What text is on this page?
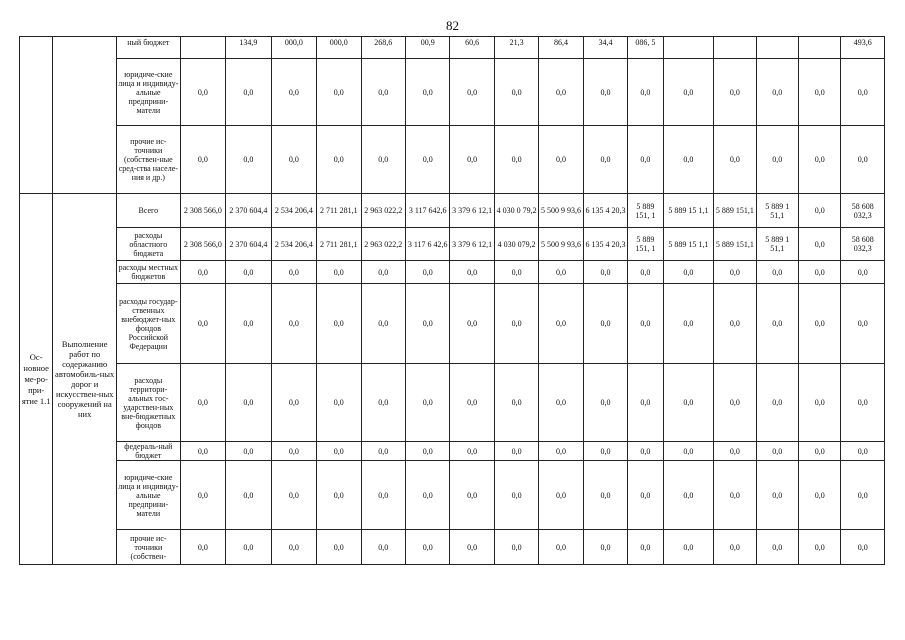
82
		ный бюджет		134,9	000,0	000,0	268,6	00,9	60,6	21,3	86,4	34,4	086, 5					493,6
		юридиче-ские лица и индивиду-альные предприни-матели	0,0	0,0	0,0	0,0	0,0	0,0	0,0	0,0	0,0	0,0	0,0	0,0	0,0	0,0	0,0	0,0
		прочие ис-точники (собствен-ные сред-ства населе-ния и др.)	0,0	0,0	0,0	0,0	0,0	0,0	0,0	0,0	0,0	0,0	0,0	0,0	0,0	0,0	0,0	0,0
Ос-новное ме-ро-при-ятие 1.1	Выполнение работ по содержанию автомобиль-ных дорог и искусствен-ных сооружений на них	Всего	2 308 566,0	2 370 604,4	2 534 206,4	2 711 281,1	2 963 022,2	3 117 642,6	3 379 6 12,1	4 030 0 79,2	5 500 9 93,6	6 135 4 20,3	5 889 151, 1	5 889 15 1,1	5 889 151,1	5 889 1 51,1	0,0	58 608 032,3
		расходы областного бюджета	2 308 566,0	2 370 604,4	2 534 206,4	2 711 281,1	2 963 022,2	3 117 6 42,6	3 379 6 12,1	4 030 079,2	5 500 9 93,6	6 135 4 20,3	5 889 151, 1	5 889 15 1,1	5 889 151,1	5 889 1 51,1	0,0	58 608 032,3
		расходы местных бюджетов	0,0	0,0	0,0	0,0	0,0	0,0	0,0	0,0	0,0	0,0	0,0	0,0	0,0	0,0	0,0	0,0
		расходы государ-ственных внебюджет-ных фондов Российской Федерации	0,0	0,0	0,0	0,0	0,0	0,0	0,0	0,0	0,0	0,0	0,0	0,0	0,0	0,0	0,0	0,0
		расходы территори-альных гос-ударствен-ных вне-бюджетных фондов	0,0	0,0	0,0	0,0	0,0	0,0	0,0	0,0	0,0	0,0	0,0	0,0	0,0	0,0	0,0	0,0
		федераль-ный бюджет	0,0	0,0	0,0	0,0	0,0	0,0	0,0	0,0	0,0	0,0	0,0	0,0	0,0	0,0	0,0	0,0
		юридиче-ские лица и индивиду-альные предприни-матели	0,0	0,0	0,0	0,0	0,0	0,0	0,0	0,0	0,0	0,0	0,0	0,0	0,0	0,0	0,0	0,0
		прочие ис-точники (собствен-	0,0	0,0	0,0	0,0	0,0	0,0	0,0	0,0	0,0	0,0	0,0	0,0	0,0	0,0	0,0	0,0
